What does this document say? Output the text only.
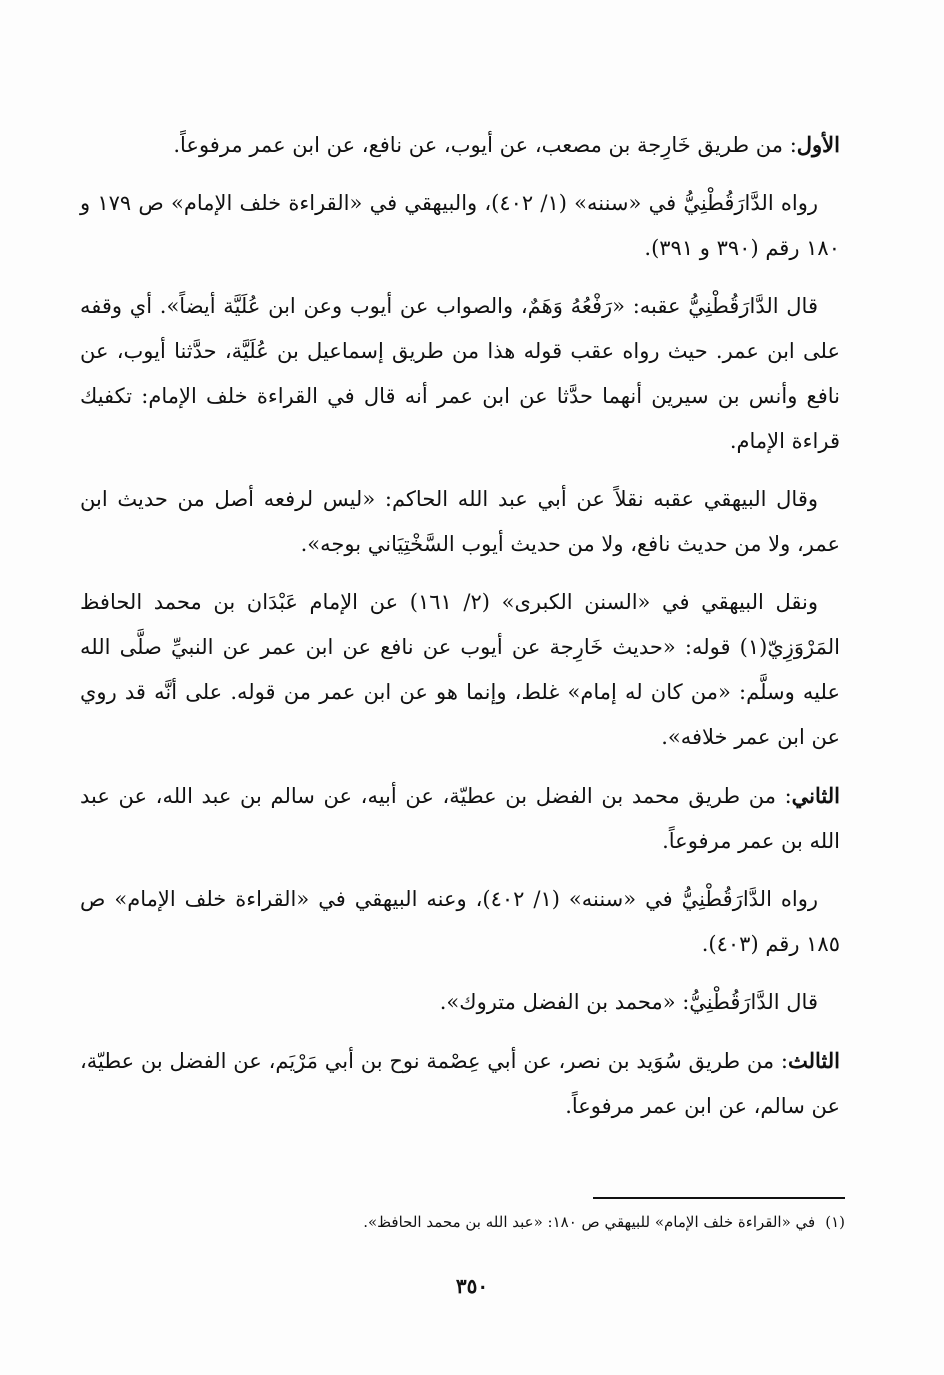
الأول: من طريق خَارِجة بن مصعب، عن أيوب، عن نافع، عن ابن عمر مرفوعاً.

رواه الدَّارَقُطْنِيُّ في «سننه» (١/ ٤٠٢)، والبيهقي في «القراءة خلف الإمام» ص ١٧٩ و ١٨٠ رقم (٣٩٠ و ٣٩١).

قال الدَّارَقُطْنِيُّ عقبه: «رَفْعُهُ وَهَمٌ، والصواب عن أيوب وعن ابن عُلَيَّة أيضاً». أي وقفه على ابن عمر. حيث رواه عقب قوله هذا من طريق إسماعيل بن عُلَيَّة، حدَّثنا أيوب، عن نافع وأنس بن سيرين أنهما حدَّثا عن ابن عمر أنه قال في القراءة خلف الإمام: تكفيك قراءة الإمام.

وقال البيهقي عقبه نقلاً عن أبي عبد الله الحاكم: «ليس لرفعه أصل من حديث ابن عمر، ولا من حديث نافع، ولا من حديث أيوب السَّخْتِيَاني بوجه».

ونقل البيهقي في «السنن الكبرى» (٢/ ١٦١) عن الإمام عَبْدَان بن محمد الحافظ المَرْوَزِيّ(١) قوله: «حديث خَارِجة عن أيوب عن نافع عن ابن عمر عن النبيِّ صلَّى الله عليه وسلَّم: «من كان له إمام» غلط، وإنما هو عن ابن عمر من قوله. على أنَّه قد روي عن ابن عمر خلافه».

الثاني: من طريق محمد بن الفضل بن عطيّة، عن أبيه، عن سالم بن عبد الله، عن عبد الله بن عمر مرفوعاً.

رواه الدَّارَقُطْنِيُّ في «سننه» (١/ ٤٠٢)، وعنه البيهقي في «القراءة خلف الإمام» ص ١٨٥ رقم (٤٠٣).

قال الدَّارَقُطْنِيُّ: «محمد بن الفضل متروك».

الثالث: من طريق سُوَيد بن نصر، عن أبي عِصْمة نوح بن أبي مَرْيَم، عن الفضل بن عطيّة، عن سالم، عن ابن عمر مرفوعاً.

(١)في «القراءة خلف الإمام» للبيهقي ص ١٨٠: «عبد الله بن محمد الحافظ».
٣٥٠
